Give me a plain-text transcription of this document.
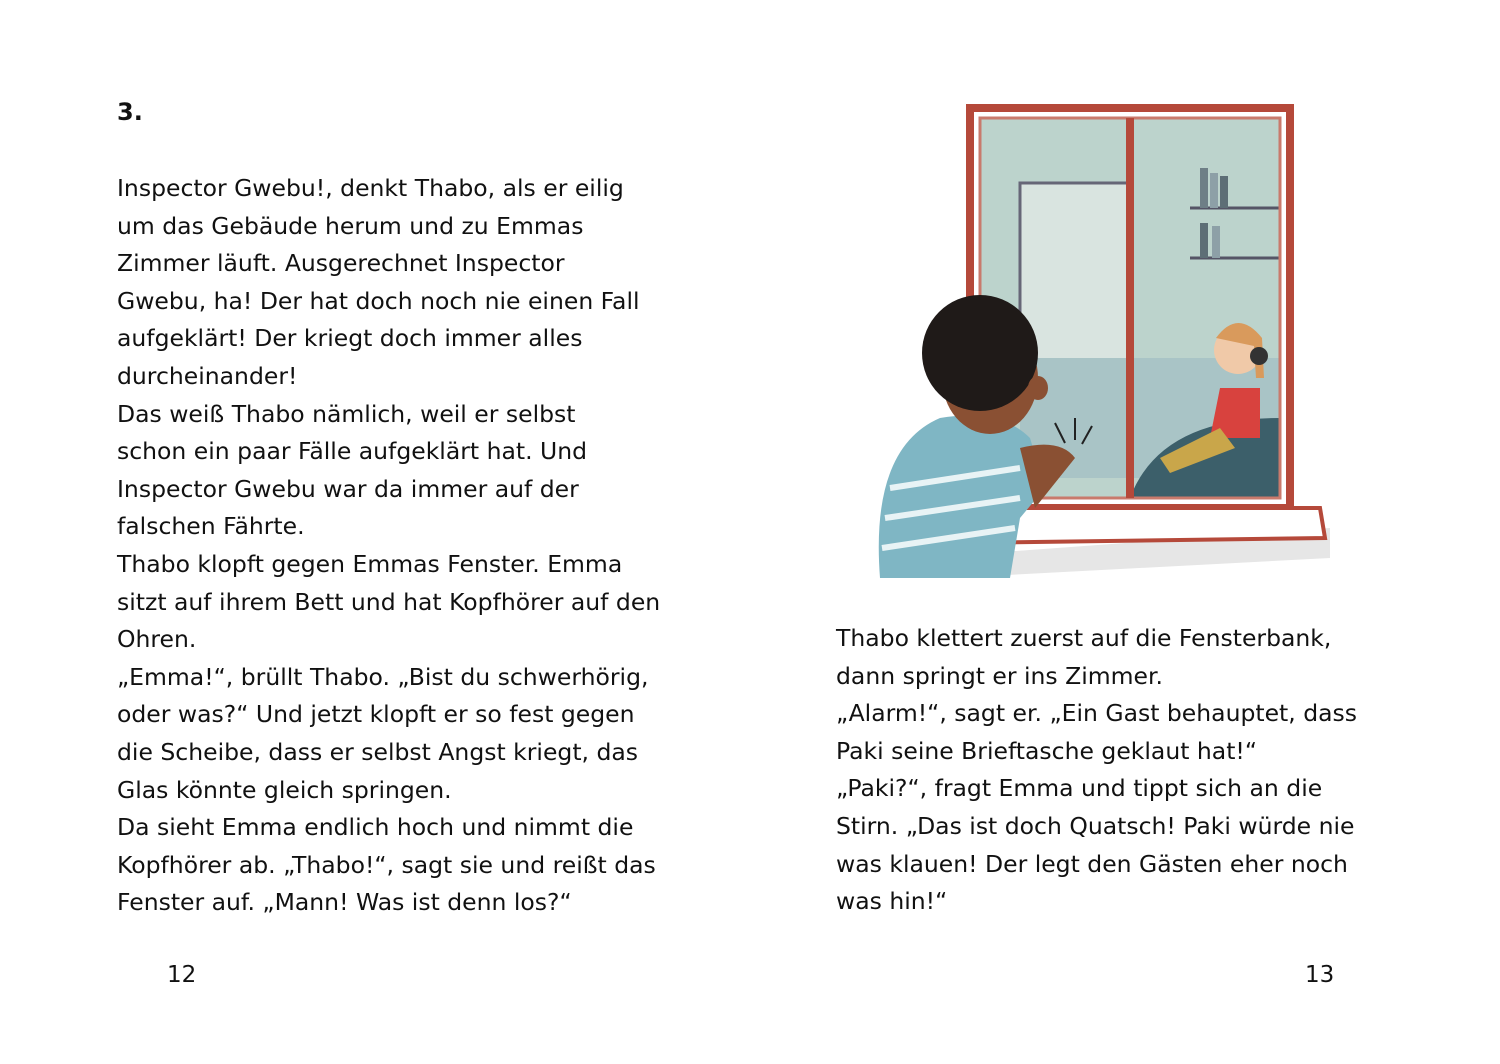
3.
Inspector Gwebu!, denkt Thabo, als er eilig
um das Gebäude herum und zu Emmas
Zimmer läuft. Ausgerechnet Inspector
Gwebu, ha! Der hat doch noch nie einen Fall
aufgeklärt! Der kriegt doch immer alles
durcheinander!
Das weiß Thabo nämlich, weil er selbst
schon ein paar Fälle aufgeklärt hat. Und
Inspector Gwebu war da immer auf der
falschen Fährte.
Thabo klopft gegen Emmas Fenster. Emma
sitzt auf ihrem Bett und hat Kopfhörer auf den
Ohren.
„Emma!“, brüllt Thabo. „Bist du schwerhörig,
oder was?“ Und jetzt klopft er so fest gegen
die Scheibe, dass er selbst Angst kriegt, das
Glas könnte gleich springen.
Da sieht Emma endlich hoch und nimmt die
Kopfhörer ab. „Thabo!“, sagt sie und reißt das
Fenster auf. „Mann! Was ist denn los?“
12
Thabo klettert zuerst auf die Fensterbank,
dann springt er ins Zimmer.
„Alarm!“, sagt er. „Ein Gast behauptet, dass
Paki seine Brieftasche geklaut hat!“
„Paki?“, fragt Emma und tippt sich an die
Stirn. „Das ist doch Quatsch! Paki würde nie
was klauen! Der legt den Gästen eher noch
was hin!“
13
